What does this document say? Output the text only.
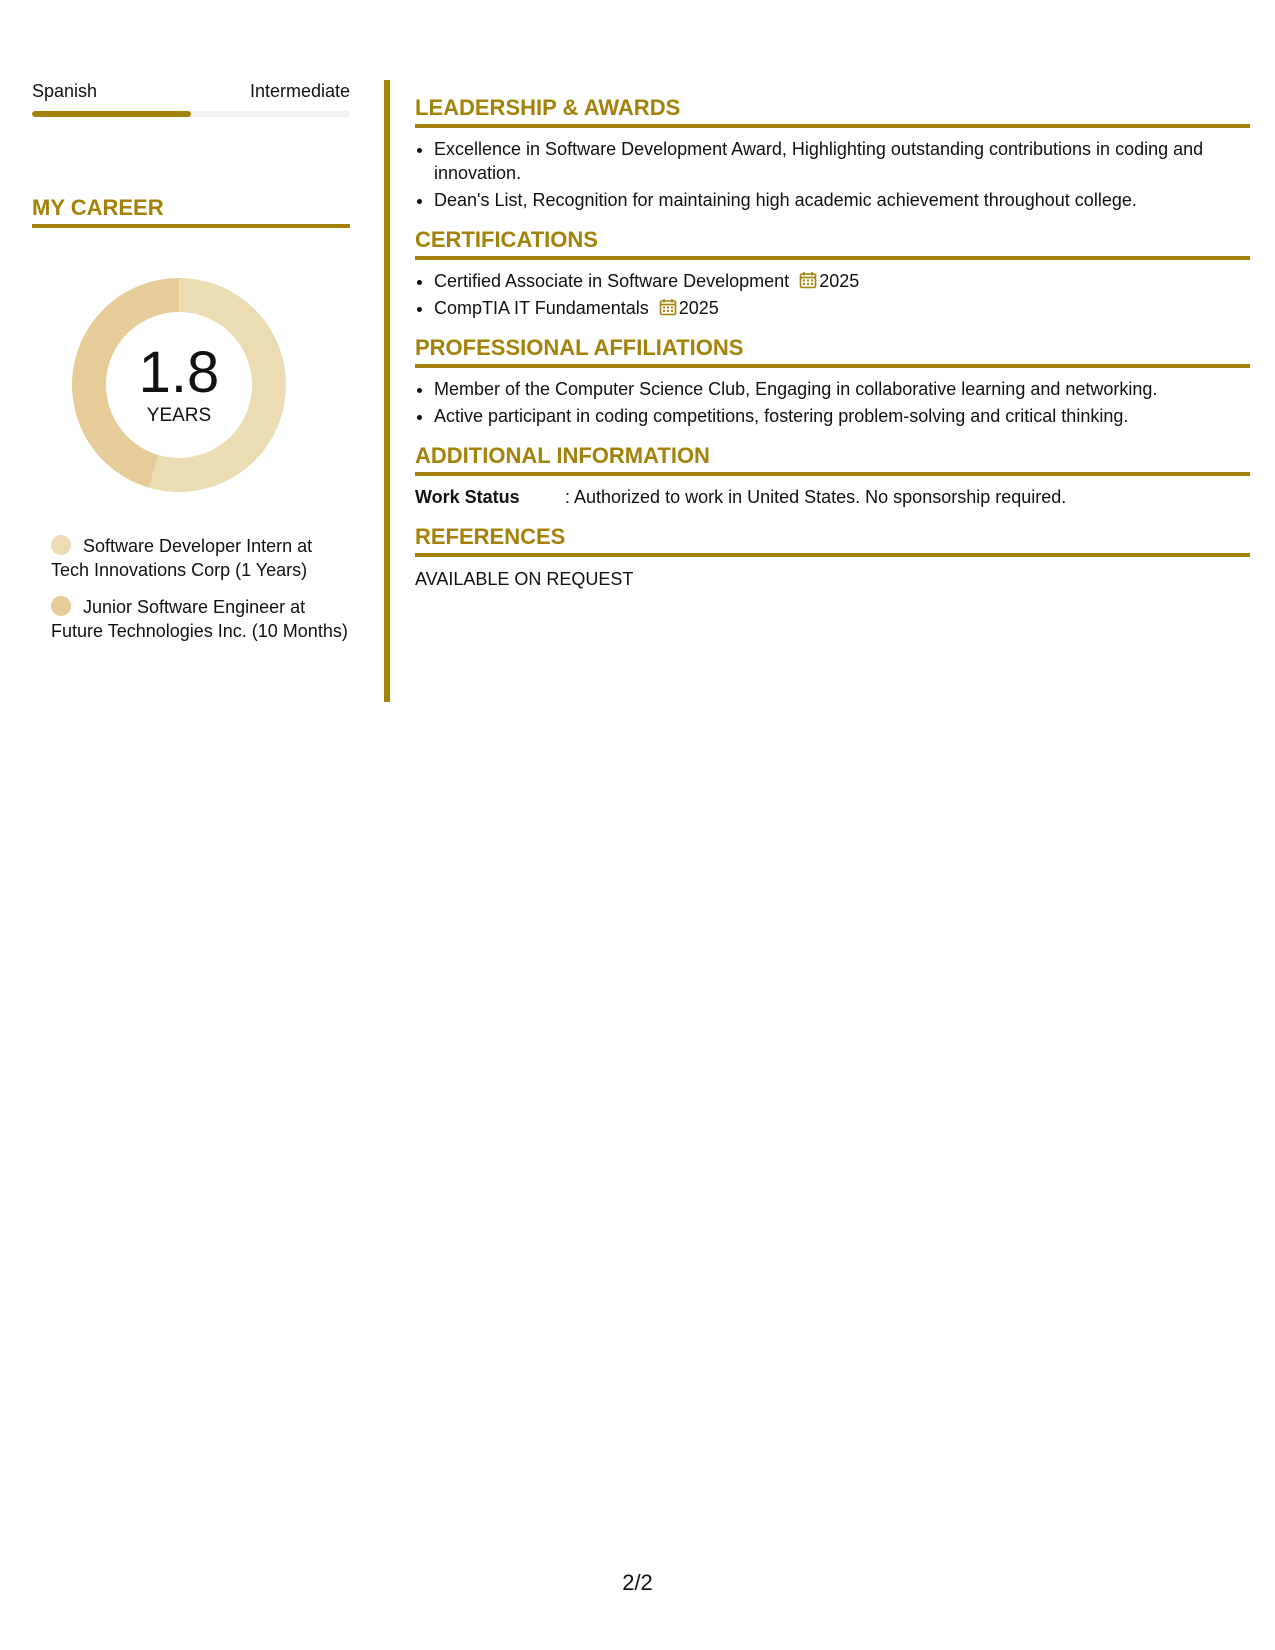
Spanish	Intermediate
MY CAREER
1.8
YEARS
Software Developer Intern at Tech Innovations Corp (1 Years)
Junior Software Engineer at Future Technologies Inc. (10 Months)
LEADERSHIP & AWARDS
• Excellence in Software Development Award, Highlighting outstanding contributions in coding and innovation.
• Dean's List, Recognition for maintaining high academic achievement throughout college.
CERTIFICATIONS
• Certified Associate in Software Development 2025
• CompTIA IT Fundamentals 2025
PROFESSIONAL AFFILIATIONS
• Member of the Computer Science Club, Engaging in collaborative learning and networking.
• Active participant in coding competitions, fostering problem-solving and critical thinking.
ADDITIONAL INFORMATION
Work Status	: Authorized to work in United States. No sponsorship required.
REFERENCES
AVAILABLE ON REQUEST
2/2
